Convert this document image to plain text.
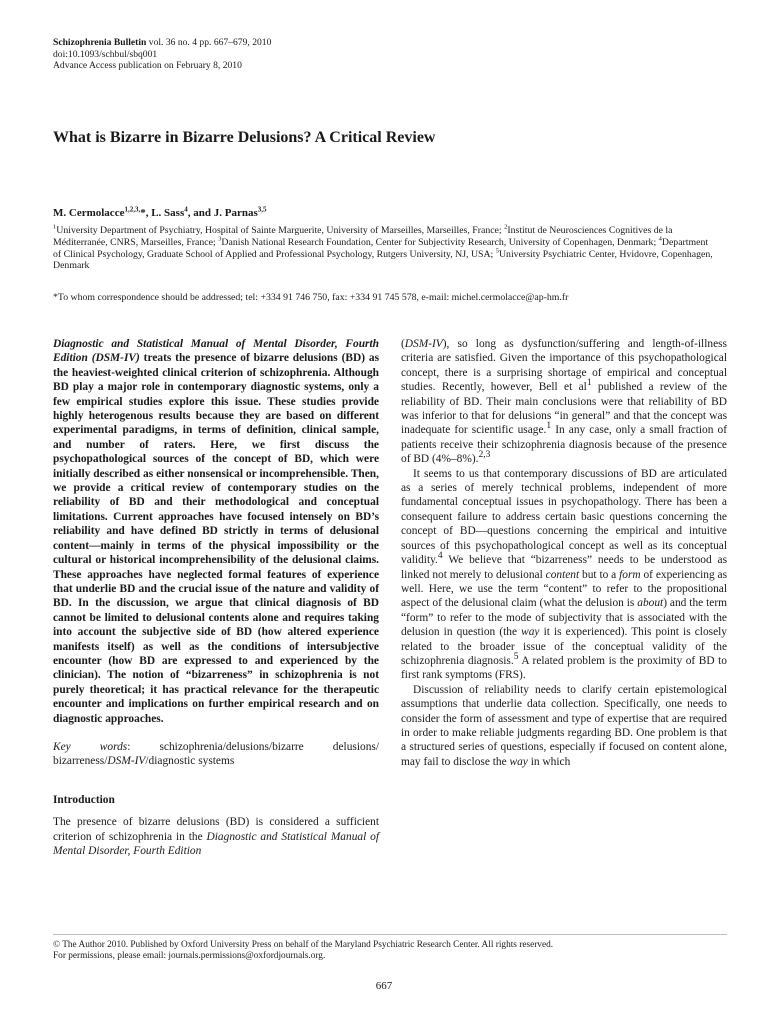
Schizophrenia Bulletin vol. 36 no. 4 pp. 667–679, 2010
doi:10.1093/schbul/sbq001
Advance Access publication on February 8, 2010
What is Bizarre in Bizarre Delusions? A Critical Review
M. Cermolacce$^{1,2,3,}$*, L. Sass$^4$, and J. Parnas$^{3,5}$
$^1$University Department of Psychiatry, Hospital of Sainte Marguerite, University of Marseilles, Marseilles, France; $^2$Institut de Neurosciences Cognitives de la Méditerranée, CNRS, Marseilles, France; $^3$Danish National Research Foundation, Center for Subjectivity Research, University of Copenhagen, Denmark; $^4$Department of Clinical Psychology, Graduate School of Applied and Professional Psychology, Rutgers University, NJ, USA; $^5$University Psychiatric Center, Hvidovre, Copenhagen, Denmark
*To whom correspondence should be addressed; tel: +334 91 746 750, fax: +334 91 745 578, e-mail: michel.cermolacce@ap-hm.fr
Diagnostic and Statistical Manual of Mental Disorder, Fourth Edition (DSM-IV) treats the presence of bizarre delusions (BD) as the heaviest-weighted clinical criterion of schizophrenia. Although BD play a major role in contemporary diagnostic systems, only a few empirical studies explore this issue. These studies provide highly heterogenous results because they are based on different experimental paradigms, in terms of definition, clinical sample, and number of raters. Here, we first discuss the psychopathological sources of the concept of BD, which were initially described as either nonsensical or incomprehensible. Then, we provide a critical review of contemporary studies on the reliability of BD and their methodological and conceptual limitations. Current approaches have focused intensely on BD’s reliability and have defined BD strictly in terms of delusional content—mainly in terms of the physical impossibility or the cultural or historical incomprehensibility of the delusional claims. These approaches have neglected formal features of experience that underlie BD and the crucial issue of the nature and validity of BD. In the discussion, we argue that clinical diagnosis of BD cannot be limited to delusional contents alone and requires taking into account the subjective side of BD (how altered experience manifests itself) as well as the conditions of intersubjective encounter (how BD are expressed to and experienced by the clinician). The notion of “bizarreness” in schizophrenia is not purely theoretical; it has practical relevance for the therapeutic encounter and implications on further empirical research and on diagnostic approaches.
Key words: schizophrenia/delusions/bizarre delusions/ bizarreness/DSM-IV/diagnostic systems
Introduction
The presence of bizarre delusions (BD) is considered a sufficient criterion of schizophrenia in the Diagnostic and Statistical Manual of Mental Disorder, Fourth Edition
(DSM-IV), so long as dysfunction/suffering and length-of-illness criteria are satisfied. Given the importance of this psychopathological concept, there is a surprising shortage of empirical and conceptual studies. Recently, however, Bell et $al^1$ published a review of the reliability of BD. Their main conclusions were that reliability of BD was inferior to that for delusions “in general” and that the concept was inadequate for scientific usage.$^1$ In any case, only a small fraction of patients receive their schizophrenia diagnosis because of the presence of BD (4%–8%).$^{2,3}$
It seems to us that contemporary discussions of BD are articulated as a series of merely technical problems, independent of more fundamental conceptual issues in psychopathology. There has been a consequent failure to address certain basic questions concerning the concept of BD—questions concerning the empirical and intuitive sources of this psychopathological concept as well as its conceptual validity.$^4$ We believe that “bizarreness” needs to be understood as linked not merely to delusional content but to a form of experiencing as well. Here, we use the term “content” to refer to the propositional aspect of the delusional claim (what the delusion is about) and the term “form” to refer to the mode of subjectivity that is associated with the delusion in question (the way it is experienced). This point is closely related to the broader issue of the conceptual validity of the schizophrenia diagnosis.$^5$ A related problem is the proximity of BD to first rank symptoms (FRS).
Discussion of reliability needs to clarify certain epistemological assumptions that underlie data collection. Specifically, one needs to consider the form of assessment and type of expertise that are required in order to make reliable judgments regarding BD. One problem is that a structured series of questions, especially if focused on content alone, may fail to disclose the way in which
© The Author 2010. Published by Oxford University Press on behalf of the Maryland Psychiatric Research Center. All rights reserved.
For permissions, please email: journals.permissions@oxfordjournals.org.
667
